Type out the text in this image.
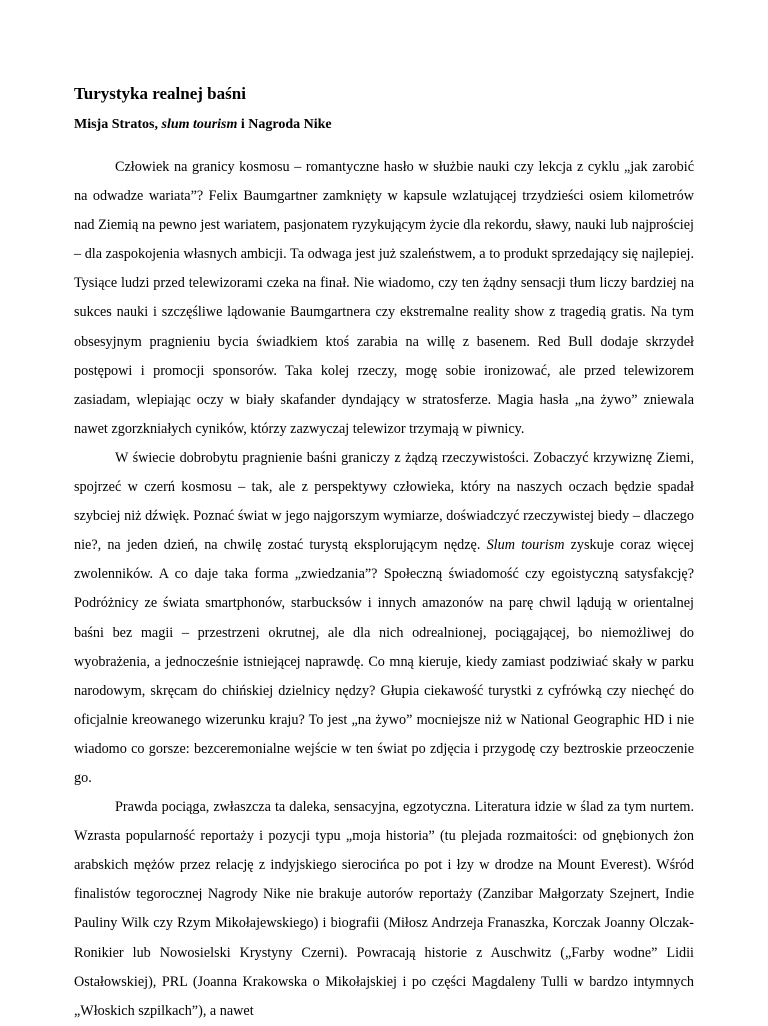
Turystyka realnej baśni
Misja Stratos, slum tourism i Nagroda Nike

Człowiek na granicy kosmosu – romantyczne hasło w służbie nauki czy lekcja z cyklu „jak zarobić na odwadze wariata”? Felix Baumgartner zamknięty w kapsule wzlatującej trzydzieści osiem kilometrów nad Ziemią na pewno jest wariatem, pasjonatem ryzykującym życie dla rekordu, sławy, nauki lub najprościej – dla zaspokojenia własnych ambicji. Ta odwaga jest już szaleństwem, a to produkt sprzedający się najlepiej. Tysiące ludzi przed telewizorami czeka na finał. Nie wiadomo, czy ten żądny sensacji tłum liczy bardziej na sukces nauki i szczęśliwe lądowanie Baumgartnera czy ekstremalne reality show z tragedią gratis. Na tym obsesyjnym pragnieniu bycia świadkiem ktoś zarabia na willę z basenem. Red Bull dodaje skrzydeł postępowi i promocji sponsorów. Taka kolej rzeczy, mogę sobie ironizować, ale przed telewizorem zasiadam, wlepiając oczy w biały skafander dyndający w stratosferze. Magia hasła „na żywo” zniewala nawet zgorzkniałych cyników, którzy zazwyczaj telewizor trzymają w piwnicy.

W świecie dobrobytu pragnienie baśni graniczy z żądzą rzeczywistości. Zobaczyć krzywiznę Ziemi, spojrzeć w czerń kosmosu – tak, ale z perspektywy człowieka, który na naszych oczach będzie spadał szybciej niż dźwięk. Poznać świat w jego najgorszym wymiarze, doświadczyć rzeczywistej biedy – dlaczego nie?, na jeden dzień, na chwilę zostać turystą eksplorującym nędzę. Slum tourism zyskuje coraz więcej zwolenników. A co daje taka forma „zwiedzania”? Społeczną świadomość czy egoistyczną satysfakcję? Podróżnicy ze świata smartphonów, starbucksów i innych amazonów na parę chwil lądują w orientalnej baśni bez magii – przestrzeni okrutnej, ale dla nich odrealnionej, pociągającej, bo niemożliwej do wyobrażenia, a jednocześnie istniejącej naprawdę. Co mną kieruje, kiedy zamiast podziwiać skały w parku narodowym, skręcam do chińskiej dzielnicy nędzy? Głupia ciekawość turystki z cyfrówką czy niechęć do oficjalnie kreowanego wizerunku kraju? To jest „na żywo” mocniejsze niż w National Geographic HD i nie wiadomo co gorsze: bezceremonialne wejście w ten świat po zdjęcia i przygodę czy beztroskie przeoczenie go.

Prawda pociąga, zwłaszcza ta daleka, sensacyjna, egzotyczna. Literatura idzie w ślad za tym nurtem. Wzrasta popularność reportaży i pozycji typu „moja historia” (tu plejada rozmaitości: od gnębionych żon arabskich mężów przez relację z indyjskiego sierocińca po pot i łzy w drodze na Mount Everest). Wśród finalistów tegorocznej Nagrody Nike nie brakuje autorów reportaży (Zanzibar Małgorzaty Szejnert, Indie Pauliny Wilk czy Rzym Mikołajewskiego) i biografii (Miłosz Andrzeja Franaszka, Korczak Joanny Olczak-Ronikier lub Nowosielski Krystyny Czerni). Powracają historie z Auschwitz („Farby wodne” Lidii Ostałowskiej), PRL (Joanna Krakowska o Mikołajskiej i po części Magdaleny Tulli w bardzo intymnych „Włoskich szpilkach”), a nawet
